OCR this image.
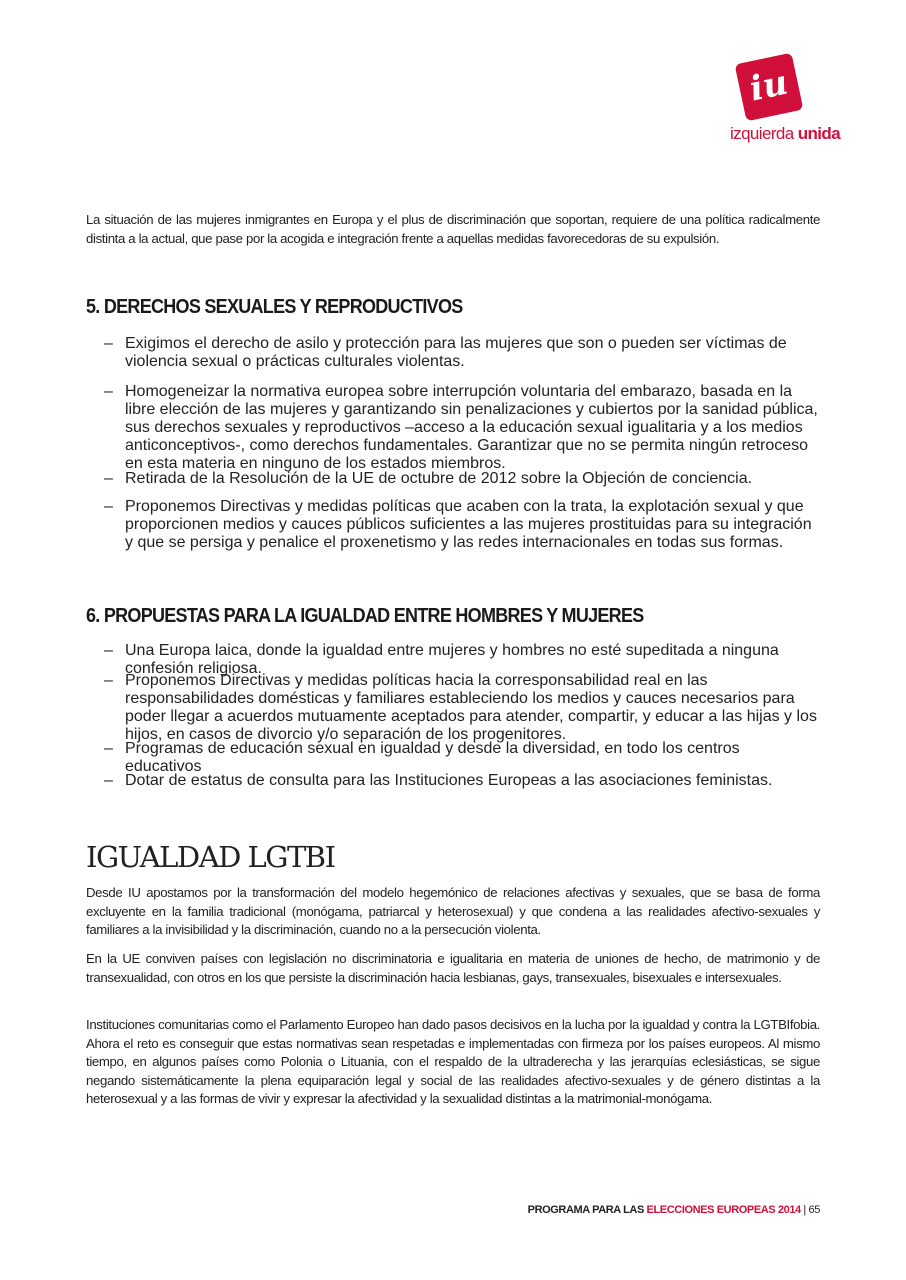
iu
izquierda unida

La situación de las mujeres inmigrantes en Europa y el plus de discriminación que soportan, requiere de una política radicalmente distinta a la actual, que pase por la acogida e integración frente a aquellas medidas favorecedoras de su expulsión.

5. DERECHOS SEXUALES Y REPRODUCTIVOS
– Exigimos el derecho de asilo y protección para las mujeres que son o pueden ser víctimas de violencia sexual o prácticas culturales violentas.
– Homogeneizar la normativa europea sobre interrupción voluntaria del embarazo, basada en la libre elección de las mujeres y garantizando sin penalizaciones y cubiertos por la sanidad pública, sus derechos sexuales y reproductivos –acceso a la educación sexual igualitaria y a los medios anticonceptivos-, como derechos fundamentales. Garantizar que no se permita ningún retroceso en esta materia en ninguno de los estados miembros.
– Retirada de la Resolución de la UE de octubre de 2012 sobre la Objeción de conciencia.
– Proponemos Directivas y medidas políticas que acaben con la trata, la explotación sexual y que proporcionen medios y cauces públicos suficientes a las mujeres prostituidas para su integración y que se persiga y penalice el proxenetismo y las redes internacionales en todas sus formas.
6. PROPUESTAS PARA LA IGUALDAD ENTRE HOMBRES Y MUJERES
– Una Europa laica, donde la igualdad entre mujeres y hombres no esté supeditada a ninguna confesión religiosa.
– Proponemos Directivas y medidas políticas hacia la corresponsabilidad real en las responsabilidades domésticas y familiares estableciendo los medios y cauces necesarios para poder llegar a acuerdos mutuamente aceptados para atender, compartir, y educar a las hijas y los hijos, en casos de divorcio y/o separación de los progenitores.
– Programas de educación sexual en igualdad y desde la diversidad, en todo los centros educativos
– Dotar de estatus de consulta para las Instituciones Europeas a las asociaciones feministas.
IGUALDAD LGTBI

Desde IU apostamos por la transformación del modelo hegemónico de relaciones afectivas y sexuales, que se basa de forma excluyente en la familia tradicional (monógama, patriarcal y heterosexual) y que condena a las realidades afectivo-sexuales y familiares a la invisibilidad y la discriminación, cuando no a la persecución violenta.

En la UE conviven países con legislación no discriminatoria e igualitaria en materia de uniones de hecho, de matrimonio y de transexualidad, con otros en los que persiste la discriminación hacia lesbianas, gays, transexuales, bisexuales e intersexuales.

Instituciones comunitarias como el Parlamento Europeo han dado pasos decisivos en la lucha por la igualdad y contra la LGTBIfobia. Ahora el reto es conseguir que estas normativas sean respetadas e implementadas con firmeza por los países europeos. Al mismo tiempo, en algunos países como Polonia o Lituania, con el respaldo de la ultraderecha y las jerarquías eclesiásticas, se sigue negando sistemáticamente la plena equiparación legal y social de las realidades afectivo-sexuales y de género distintas a la heterosexual y a las formas de vivir y expresar la afectividad y la sexualidad distintas a la matrimonial-monógama.

PROGRAMA PARA LAS ELECCIONES EUROPEAS 2014 | 65
